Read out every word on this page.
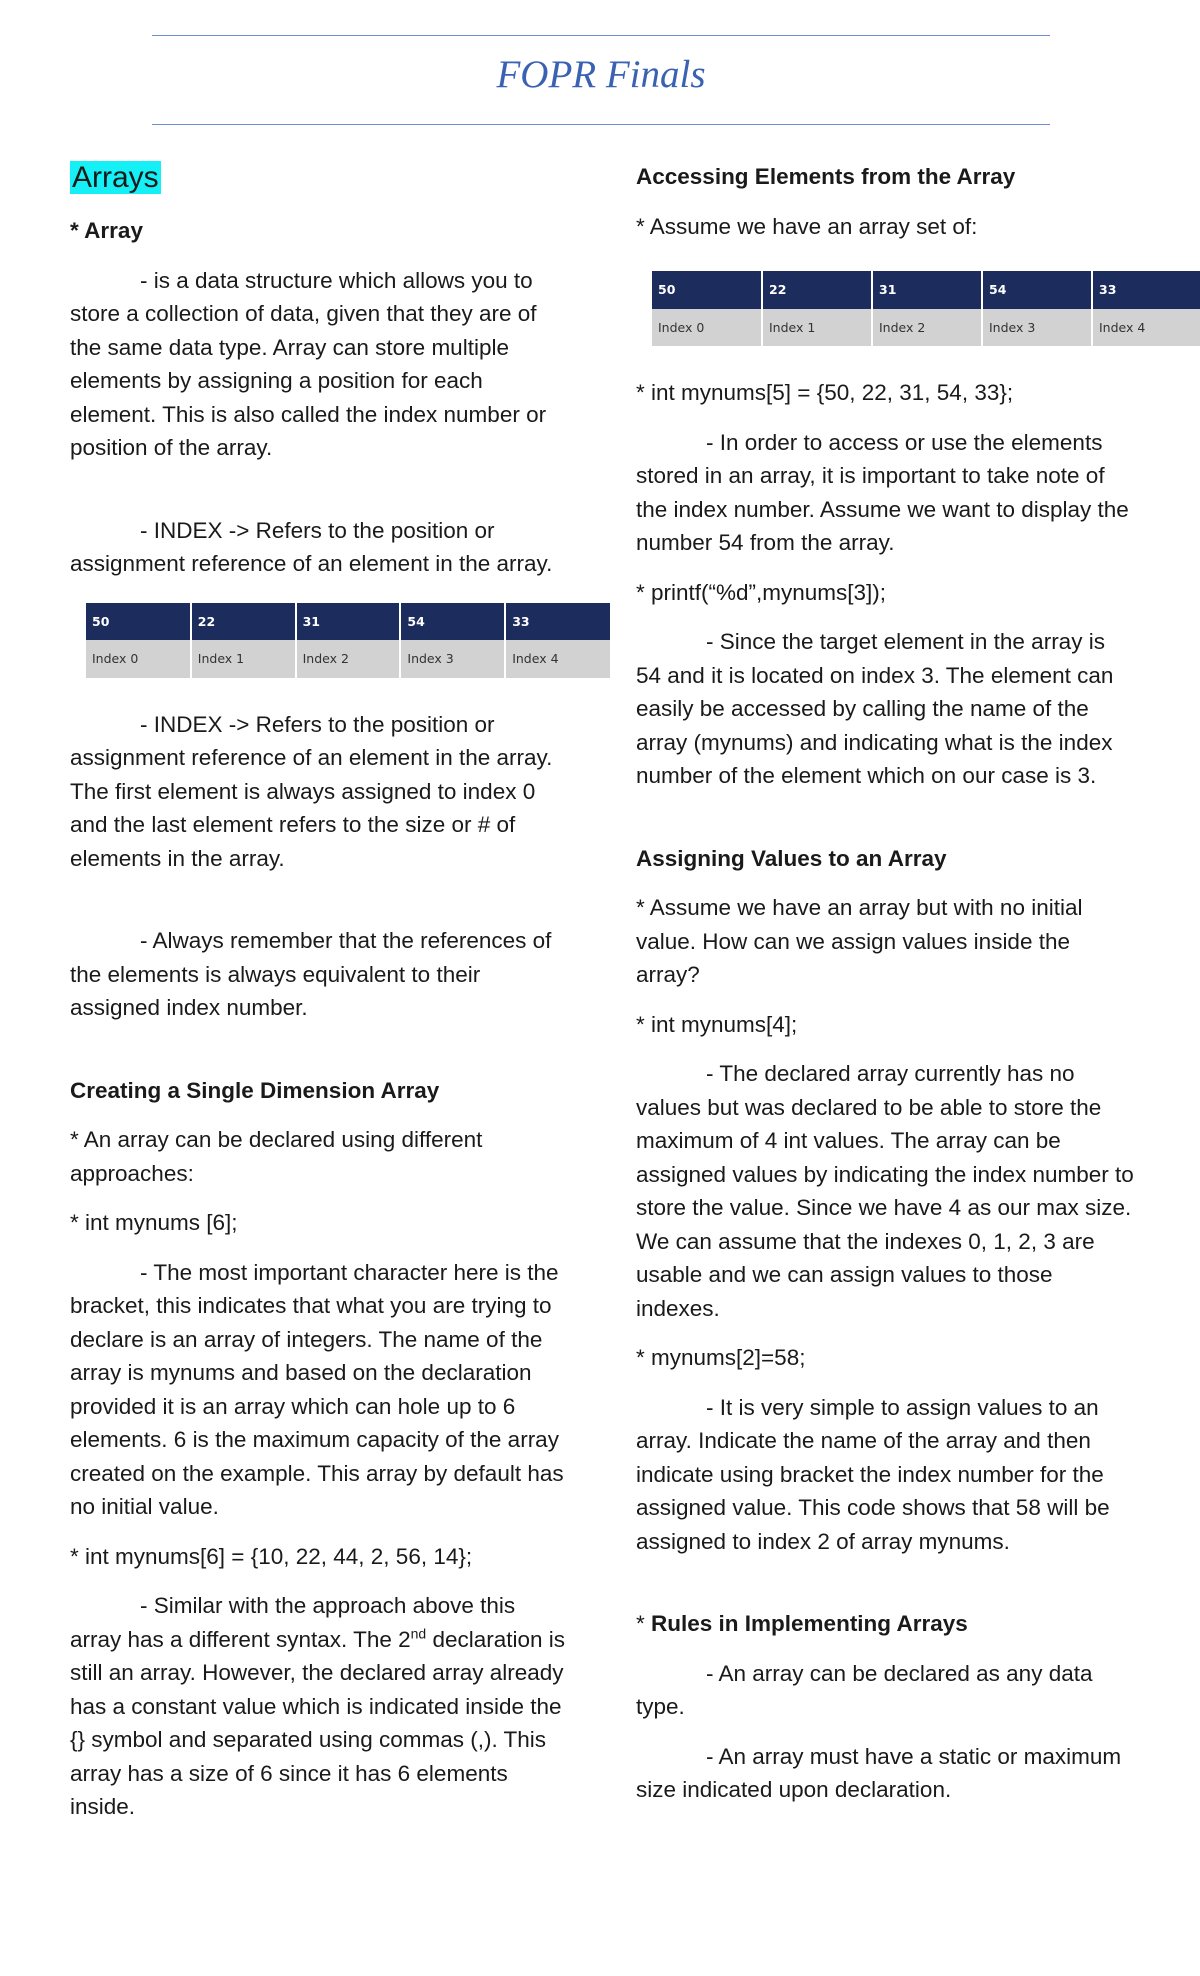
FOPR Finals
Arrays

* Array

- is a data structure which allows you to store a collection of data, given that they are of the same data type. Array can store multiple elements by assigning a position for each element. This is also called the index number or position of the array.

- INDEX -> Refers to the position or assignment reference of an element in the array.

50	22	31	54	33
Index 0	Index 1	Index 2	Index 3	Index 4

- INDEX -> Refers to the position or assignment reference of an element in the array. The first element is always assigned to index 0 and the last element refers to the size or # of elements in the array.

- Always remember that the references of the elements is always equivalent to their assigned index number.

Creating a Single Dimension Array

* An array can be declared using different approaches:

* int mynums [6];

- The most important character here is the bracket, this indicates that what you are trying to declare is an array of integers. The name of the array is mynums and based on the declaration provided it is an array which can hole up to 6 elements. 6 is the maximum capacity of the array created on the example. This array by default has no initial value.

* int mynums[6] = {10, 22, 44, 2, 56, 14};

- Similar with the approach above this array has a different syntax. The 2nd declaration is still an array. However, the declared array already has a constant value which is indicated inside the {} symbol and separated using commas (,). This array has a size of 6 since it has 6 elements inside.

Accessing Elements from the Array

* Assume we have an array set of:

50	22	31	54	33
Index 0	Index 1	Index 2	Index 3	Index 4

* int mynums[5] = {50, 22, 31, 54, 33};

- In order to access or use the elements stored in an array, it is important to take note of the index number. Assume we want to display the number 54 from the array.

* printf(“%d”,mynums[3]);

- Since the target element in the array is 54 and it is located on index 3. The element can easily be accessed by calling the name of the array (mynums) and indicating what is the index number of the element which on our case is 3.

Assigning Values to an Array

* Assume we have an array but with no initial value. How can we assign values inside the array?

* int mynums[4];

- The declared array currently has no values but was declared to be able to store the maximum of 4 int values. The array can be assigned values by indicating the index number to store the value. Since we have 4 as our max size. We can assume that the indexes 0, 1, 2, 3 are usable and we can assign values to those indexes.

* mynums[2]=58;

- It is very simple to assign values to an array. Indicate the name of the array and then indicate using bracket the index number for the assigned value. This code shows that 58 will be assigned to index 2 of array mynums.

* Rules in Implementing Arrays

- An array can be declared as any data type.

- An array must have a static or maximum size indicated upon declaration.
